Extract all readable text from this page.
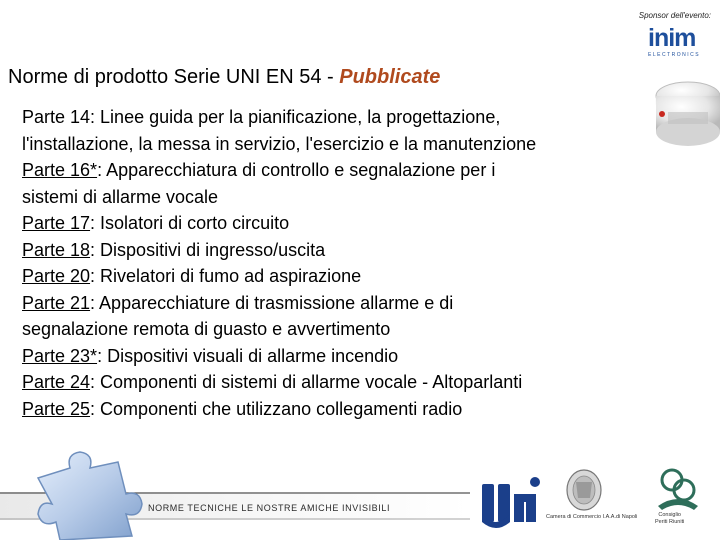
Sponsor dell'evento:
inim
ELECTRONICS
Norme di prodotto Serie UNI EN 54 - Pubblicate
Parte 14: Linee guida per la pianificazione, la progettazione,
l'installazione, la messa in servizio, l'esercizio e la manutenzione
Parte 16*: Apparecchiatura di controllo e segnalazione per i
sistemi di allarme vocale
Parte 17: Isolatori di corto circuito
Parte 18: Dispositivi di ingresso/uscita
Parte 20: Rivelatori di fumo ad aspirazione
Parte 21: Apparecchiature di trasmissione allarme e di
segnalazione remota di guasto e avvertimento
Parte 23*: Dispositivi visuali di allarme incendio
Parte 24: Componenti di sistemi di allarme vocale - Altoparlanti
Parte 25: Componenti che utilizzano collegamenti radio
NORME TECNICHE LE NOSTRE AMICHE INVISIBILI
Camera di Commercio I.A.A.di Napoli	Consiglio
Periti Riuniti
